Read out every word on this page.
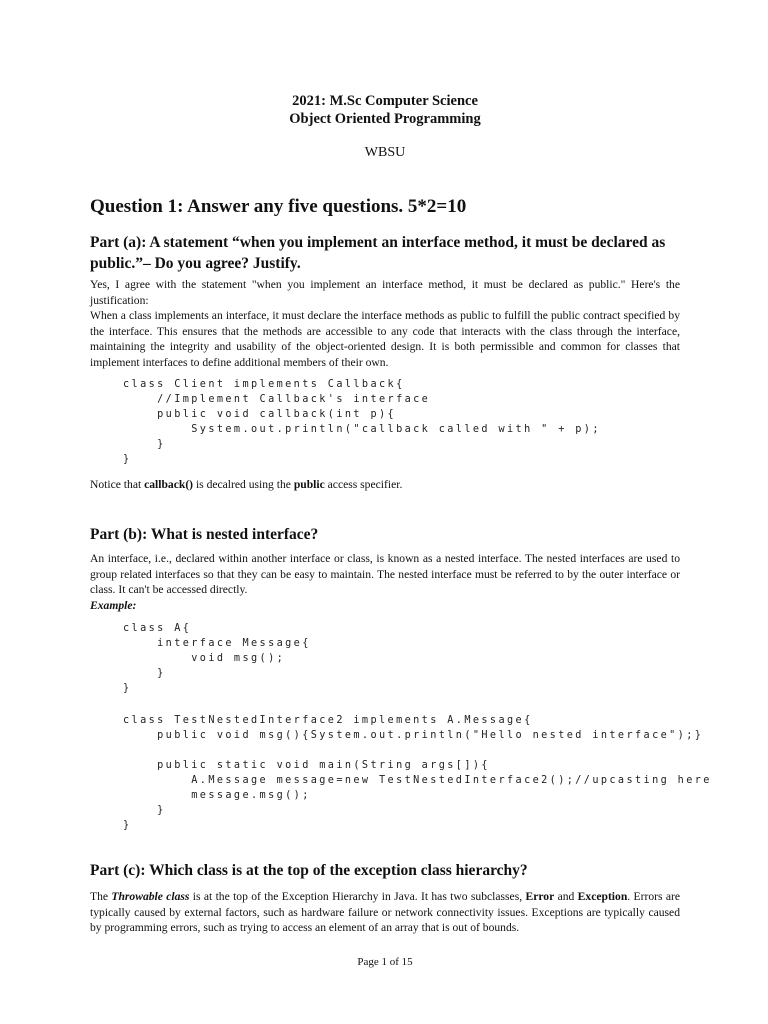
2021: M.Sc Computer Science
Object Oriented Programming
WBSU
Question 1: Answer any five questions. 5*2=10
Part (a): A statement “when you implement an interface method, it must be declared as public.”– Do you agree? Justify.

Yes, I agree with the statement "when you implement an interface method, it must be declared as public." Here's the justification:

When a class implements an interface, it must declare the interface methods as public to fulfill the public contract specified by the interface. This ensures that the methods are accessible to any code that interacts with the class through the interface, maintaining the integrity and usability of the object-oriented design. It is both permissible and common for classes that implement interfaces to define additional members of their own.

class Client implements Callback{
//Implement Callback's interface
public void callback(int p){
System.out.println("callback called with " + p);
}
}
Notice that callback() is decalred using the public access specifier.
Part (b): What is nested interface?

An interface, i.e., declared within another interface or class, is known as a nested interface. The nested interfaces are used to group related interfaces so that they can be easy to maintain. The nested interface must be referred to by the outer interface or class. It can't be accessed directly.

Example:

class A{
interface Message{
void msg();
}
}
class TestNestedInterface2 implements A.Message{
public void msg(){System.out.println("Hello nested interface");}

public static void main(String args[]){
A.Message message=new TestNestedInterface2();//upcasting here
message.msg();
}
}
Part (c): Which class is at the top of the exception class hierarchy?
The Throwable class is at the top of the Exception Hierarchy in Java. It has two subclasses, Error and Exception. Errors are typically caused by external factors, such as hardware failure or network connectivity issues. Exceptions are typically caused by programming errors, such as trying to access an element of an array that is out of bounds.
Page 1 of 15
